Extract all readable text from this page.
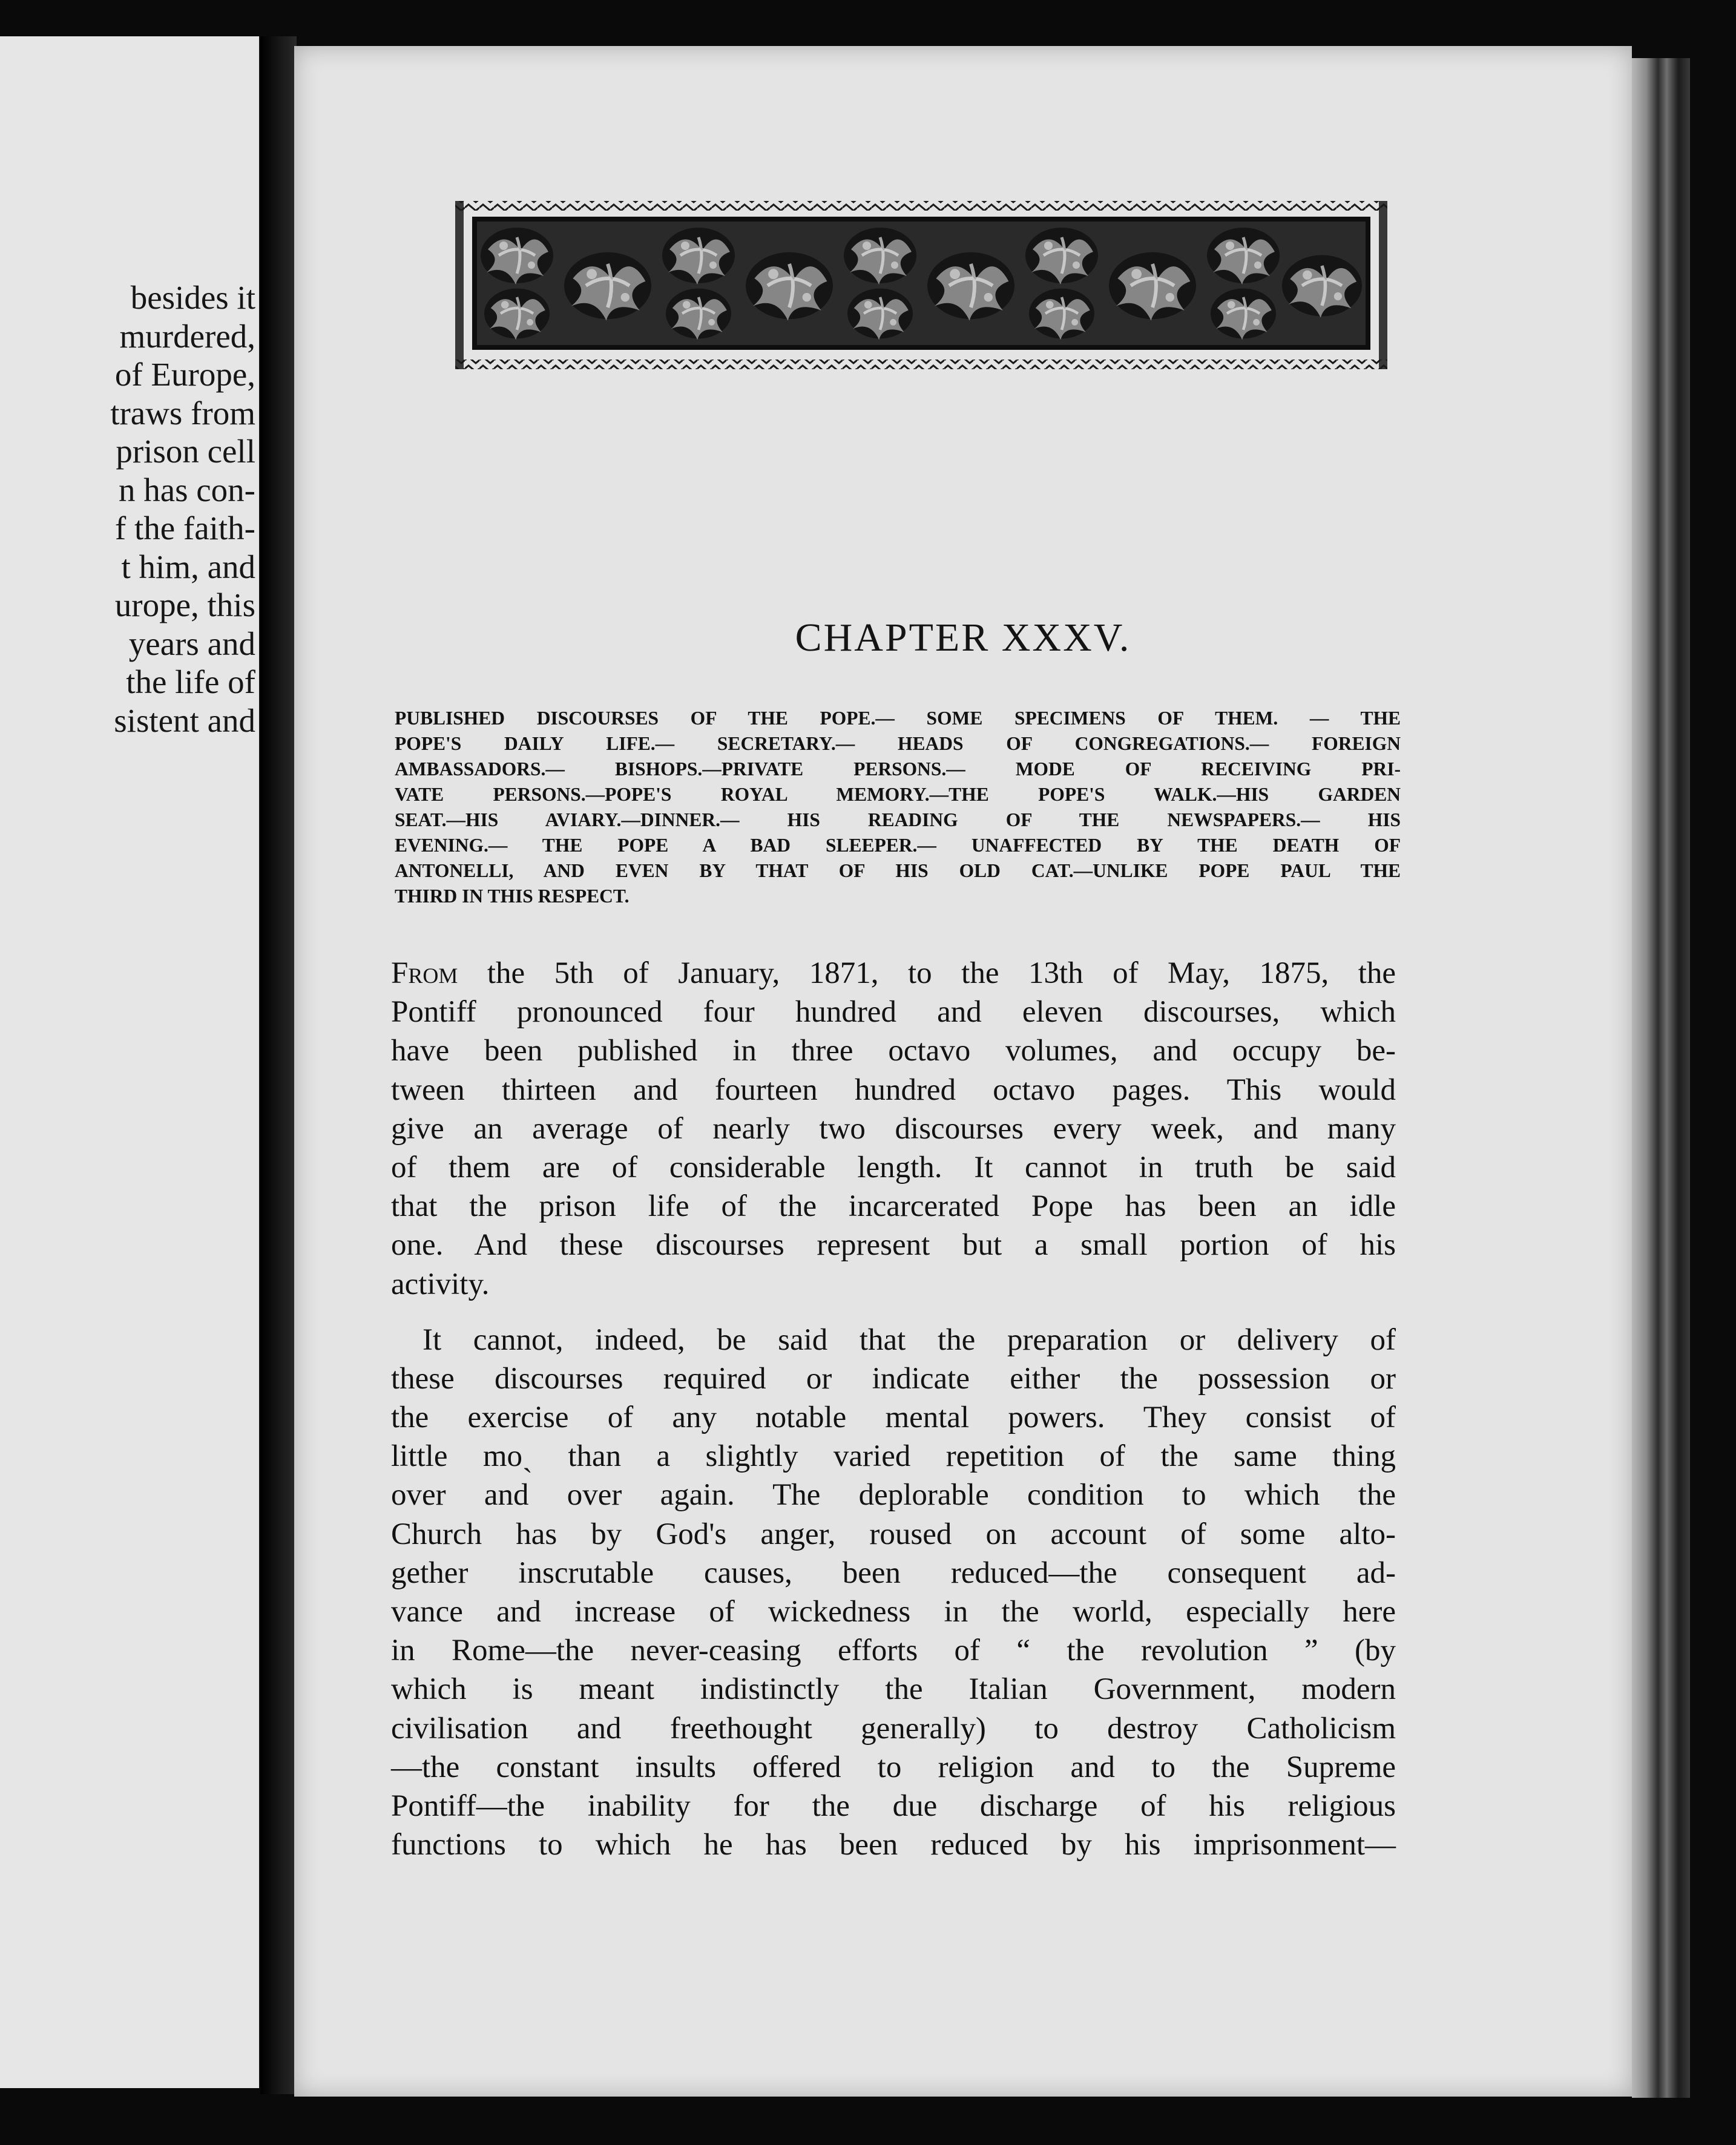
besides it
murdered,
of Europe,
traws from
prison cell
n has con-
f the faith-
t him, and
urope, this
years and
the life of
sistent and
CHAPTER XXXV.
PUBLISHED DISCOURSES OF THE POPE.— SOME SPECIMENS OF THEM. — THE
POPE'S DAILY LIFE.— SECRETARY.— HEADS OF CONGREGATIONS.— FOREIGN
AMBASSADORS.— BISHOPS.—PRIVATE PERSONS.— MODE OF RECEIVING PRI-
VATE PERSONS.—POPE'S ROYAL MEMORY.—THE POPE'S WALK.—HIS GARDEN
SEAT.—HIS AVIARY.—DINNER.— HIS READING OF THE NEWSPAPERS.— HIS
EVENING.— THE POPE A BAD SLEEPER.— UNAFFECTED BY THE DEATH OF
ANTONELLI, AND EVEN BY THAT OF HIS OLD CAT.—UNLIKE POPE PAUL THE
THIRD IN THIS RESPECT.
From the 5th of January, 1871, to the 13th of May, 1875, the
Pontiff pronounced four hundred and eleven discourses, which
have been published in three octavo volumes, and occupy be-
tween thirteen and fourteen hundred octavo pages. This would
give an average of nearly two discourses every week, and many
of them are of considerable length. It cannot in truth be said
that the prison life of the incarcerated Pope has been an idle
one. And these discourses represent but a small portion of his
activity.
It cannot, indeed, be said that the preparation or delivery of
these discourses required or indicate either the possession or
the exercise of any notable mental powers. They consist of
little moˎ than a slightly varied repetition of the same thing
over and over again. The deplorable condition to which the
Church has by God's anger, roused on account of some alto-
gether inscrutable causes, been reduced—the consequent ad-
vance and increase of wickedness in the world, especially here
in Rome—the never-ceasing efforts of “ the revolution ” (by
which is meant indistinctly the Italian Government, modern
civilisation and freethought generally) to destroy Catholicism
—the constant insults offered to religion and to the Supreme
Pontiff—the inability for the due discharge of his religious
functions to which he has been reduced by his imprisonment—
